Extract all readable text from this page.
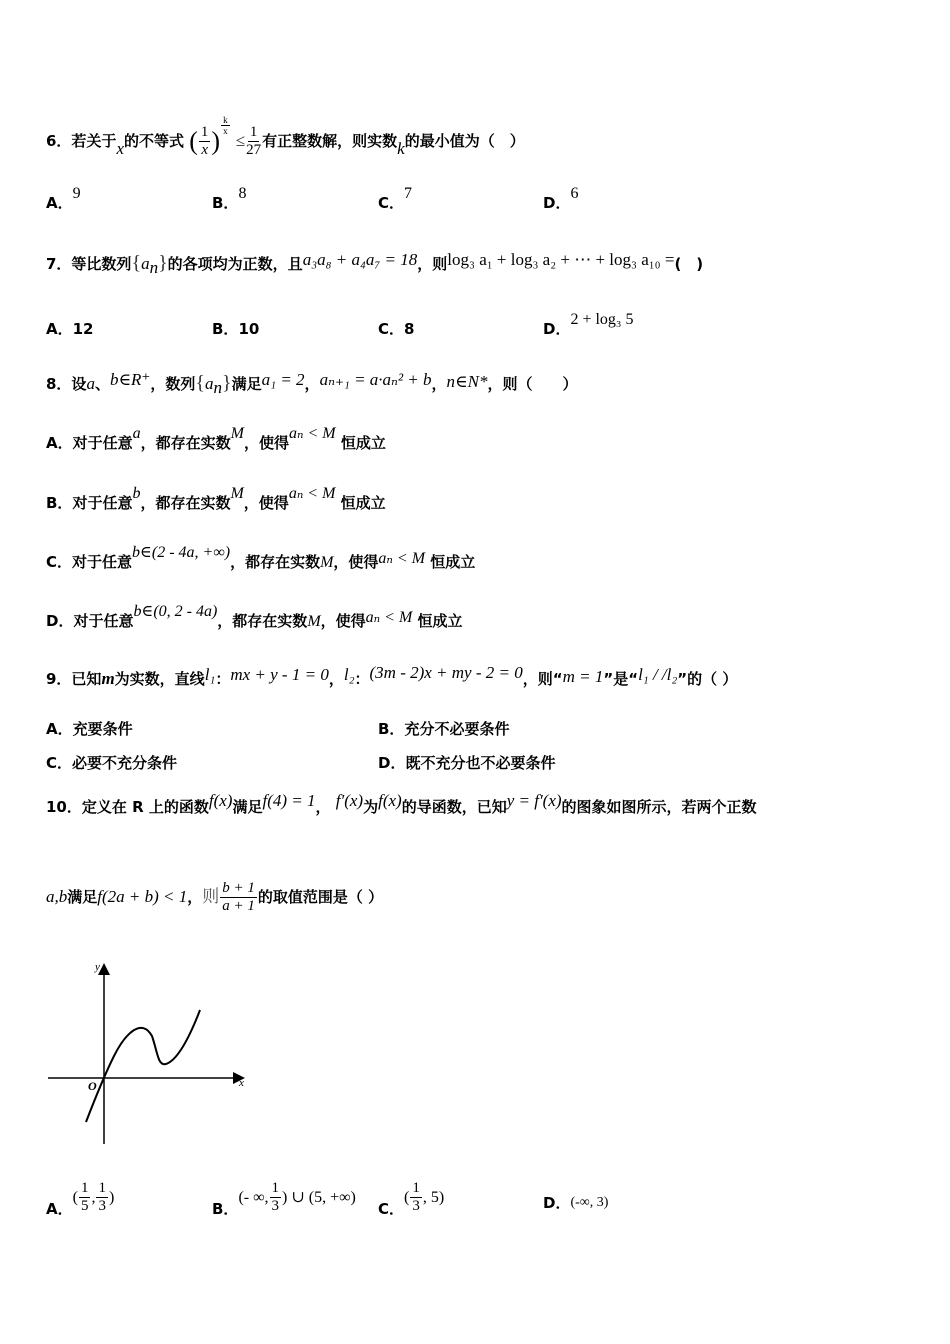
6．若关于x的不等式 ( $\frac{1}{x}$ )
$\frac{k}{x}$
≤ $\frac{1}{27}$ 有正整数解，则实数k的最小值为（　）
A．9
B．8
C．7
D．6
7．等比数列$\{a_n\}$的各项均为正数，且a₃a₈ + a₄a₇ = 18，则log₃ a₁ + log₃ a₂ + ⋯ + log₃ a₁₀ =(　)
A．12	B．10	C．8	D．2 + log₃ 5
8．设a、b∈R⁺，数列$\{a_n\}$满足a₁ = 2，aₙ₊₁ = a·aₙ² + b，n∈N*，则（　　）
A．对于任意a，都存在实数M，使得aₙ < M 恒成立
B．对于任意b，都存在实数M，使得aₙ < M 恒成立
C．对于任意b∈(2 - 4a, +∞)，都存在实数M，使得aₙ < M 恒成立
D．对于任意b∈(0, 2 - 4a)，都存在实数M，使得aₙ < M 恒成立
9．已知m为实数，直线l₁：mx + y - 1 = 0，l₂：(3m - 2)x + my - 2 = 0，则“m = 1”是“l₁ / /l₂”的（ ）
A．充要条件	B．充分不必要条件
C．必要不充分条件	D．既不充分也不必要条件
10．定义在 R 上的函数f(x)满足f(4) = 1， f′(x)为f(x)的导函数，已知y = f′(x)的图象如图所示，若两个正数
a,b满足f(2a + b) < 1，则 $\frac{b + 1}{a + 1}$ 的取值范围是（ ）
y
x
O
A．( $\frac{1}{5}$ , $\frac{1}{3}$ )
B．(- ∞, $\frac{1}{3}$ ) ∪ (5, +∞)
C．( $\frac{1}{3}$ , 5)	D．(-∞, 3)
